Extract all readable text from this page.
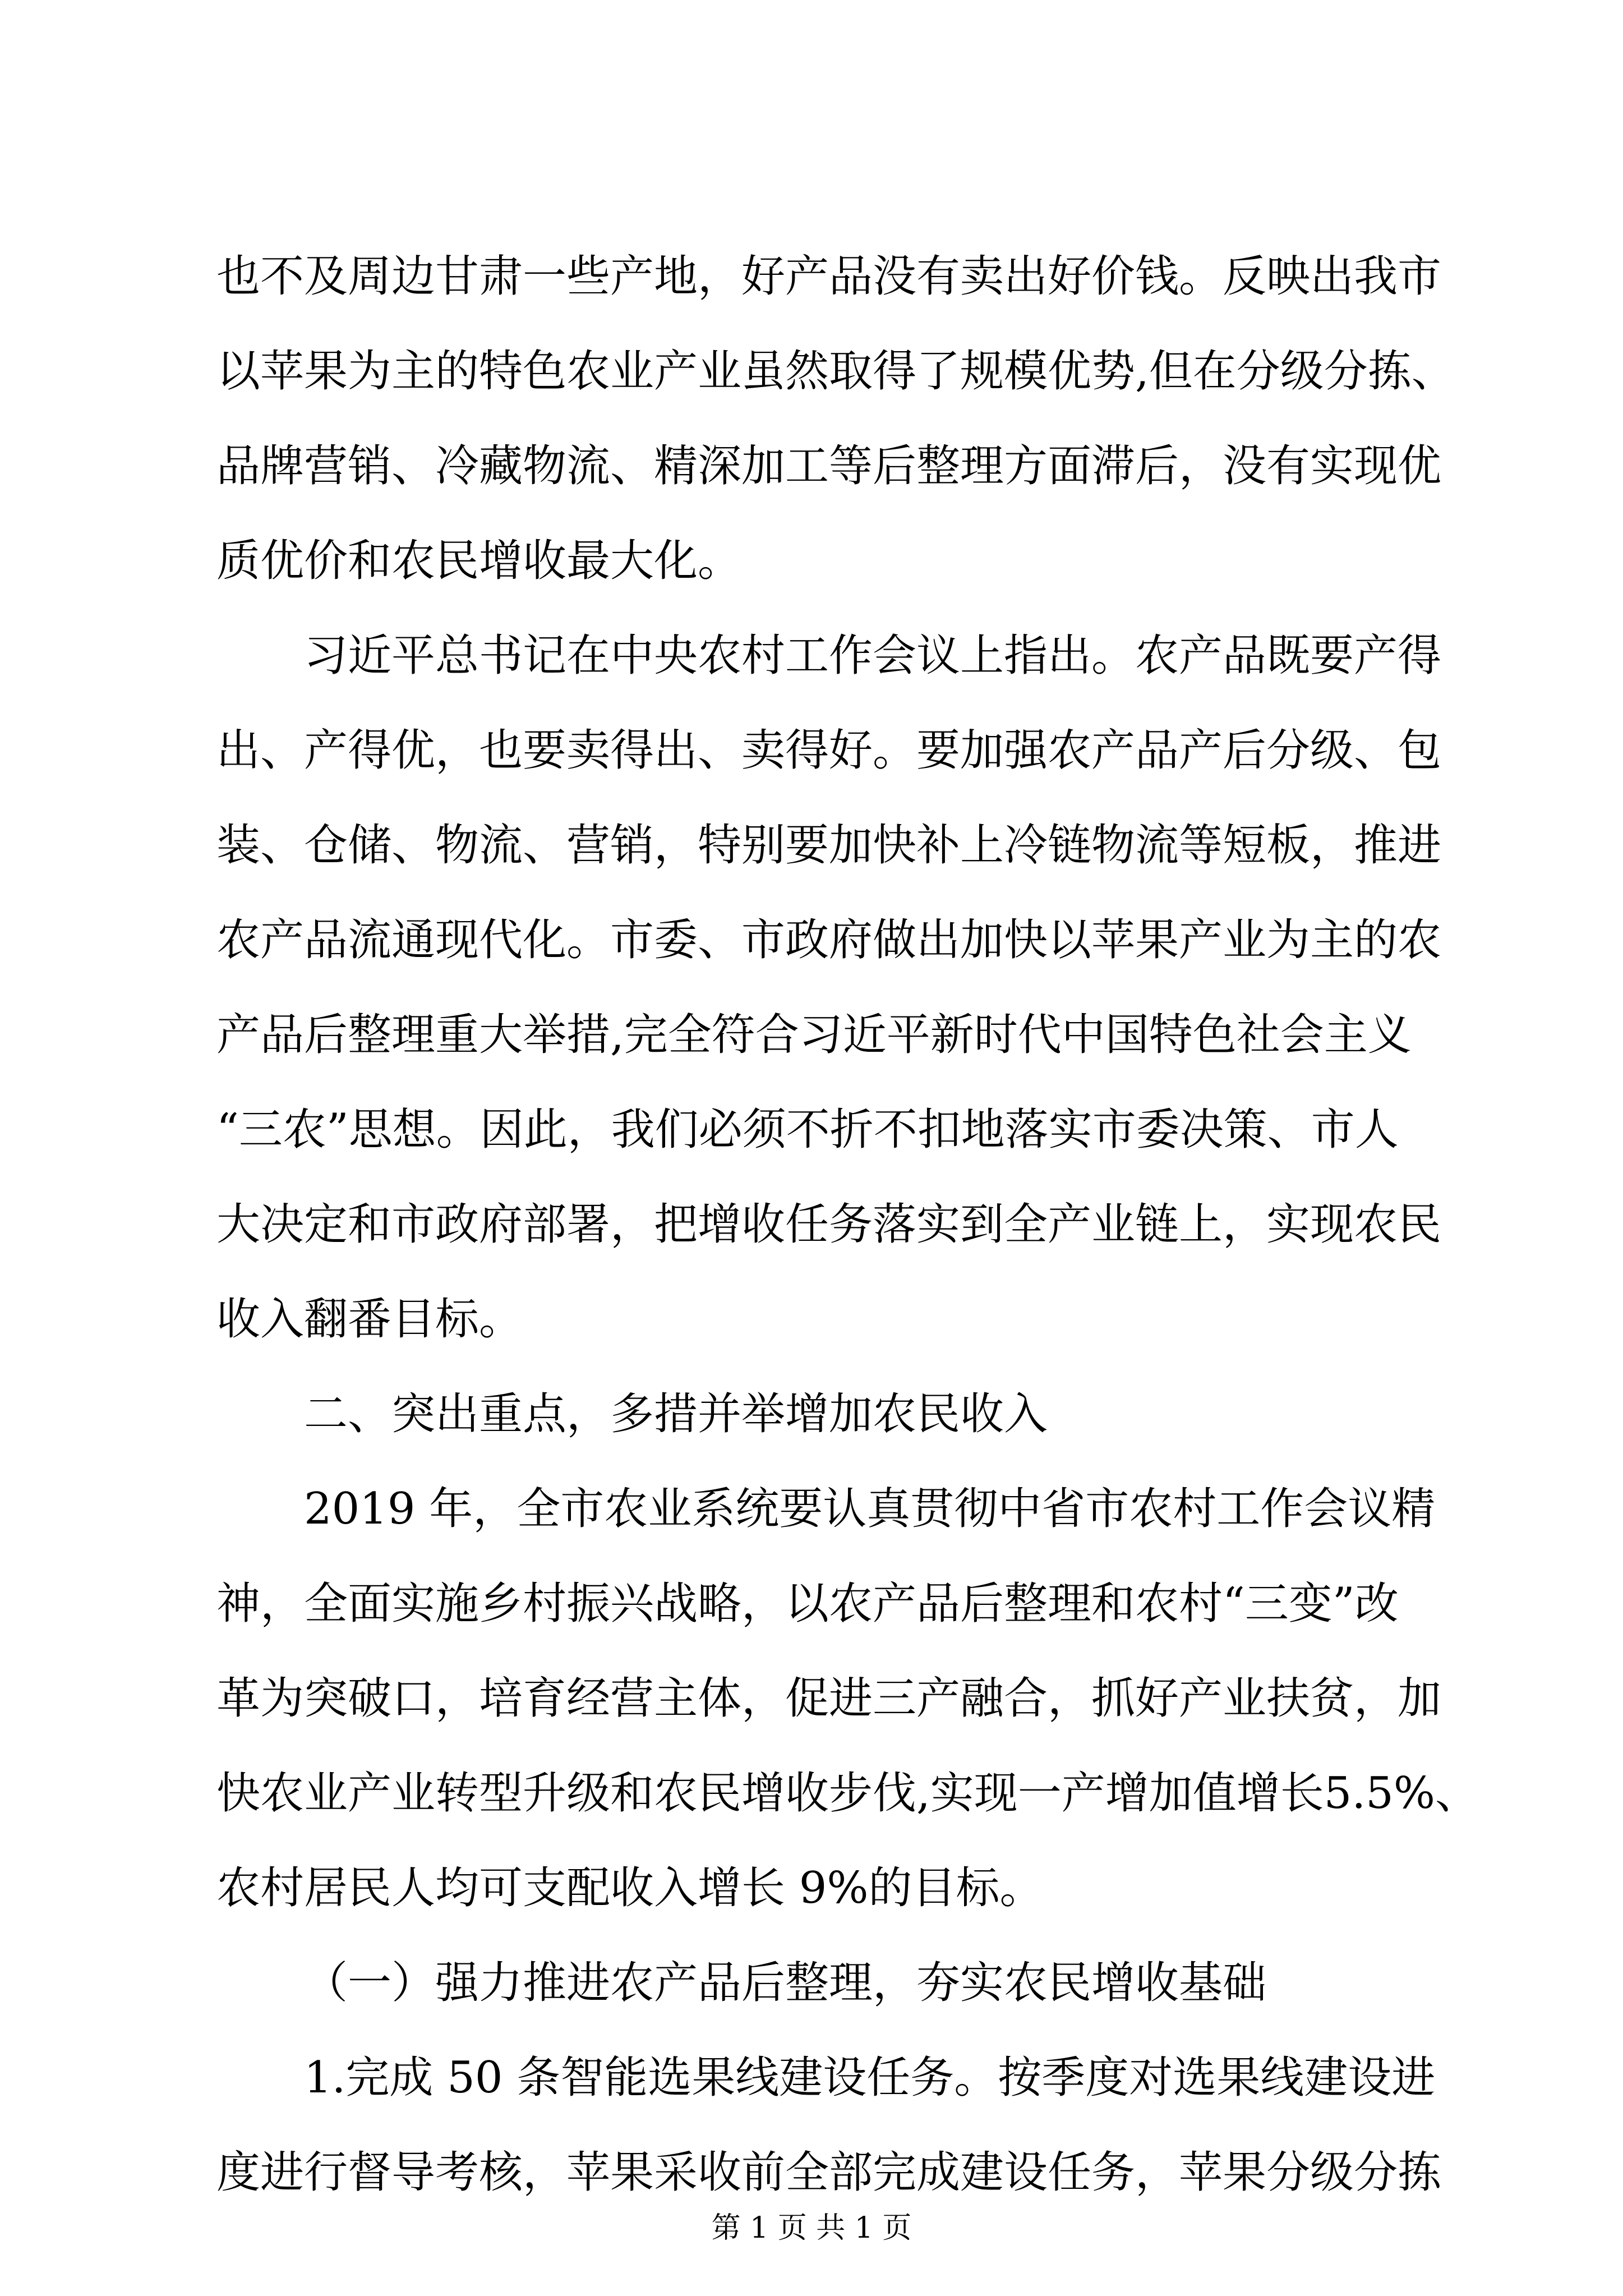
也不及周边甘肃一些产地，好产品没有卖出好价钱。反映出我市
以苹果为主的特色农业产业虽然取得了规模优势,但在分级分拣、
品牌营销、冷藏物流、精深加工等后整理方面滞后，没有实现优
质优价和农民增收最大化。
习近平总书记在中央农村工作会议上指出。农产品既要产得
出、产得优，也要卖得出、卖得好。要加强农产品产后分级、包
装、仓储、物流、营销，特别要加快补上冷链物流等短板，推进
农产品流通现代化。市委、市政府做出加快以苹果产业为主的农
产品后整理重大举措,完全符合习近平新时代中国特色社会主义
“三农”思想。因此，我们必须不折不扣地落实市委决策、市人
大决定和市政府部署，把增收任务落实到全产业链上，实现农民
收入翻番目标。
二、突出重点，多措并举增加农民收入
2019 年，全市农业系统要认真贯彻中省市农村工作会议精
神，全面实施乡村振兴战略，以农产品后整理和农村“三变”改
革为突破口，培育经营主体，促进三产融合，抓好产业扶贫，加
快农业产业转型升级和农民增收步伐,实现一产增加值增长5.5%、
农村居民人均可支配收入增长 9%的目标。
（一）强力推进农产品后整理，夯实农民增收基础
1.完成 50 条智能选果线建设任务。按季度对选果线建设进
度进行督导考核，苹果采收前全部完成建设任务，苹果分级分拣
第 1 页 共 1 页
